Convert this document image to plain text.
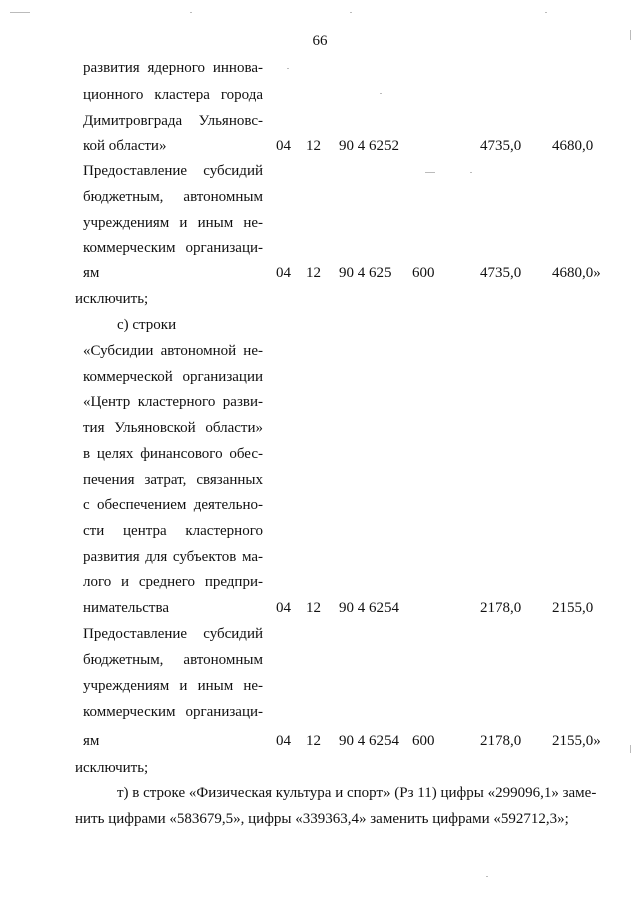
66
развития ядерного иннова-
ционного кластера города
Димитровграда Ульяновс-
кой области»	04 12 90 4 6252	4735,0 4680,0
Предоставление субсидий
бюджетным, автономным
учреждениям и иным не-
коммерческим организаци-
ям	04 12 90 4 625 600	4735,0 4680,0»
исключить;
с) строки
«Субсидии автономной не-
коммерческой организации
«Центр кластерного разви-
тия Ульяновской области»
в целях финансового обес-
печения затрат, связанных
с обеспечением деятельно-
сти центра кластерного
развития для субъектов ма-
лого и среднего предпри-
нимательства	04 12 90 4 6254	2178,0 2155,0
Предоставление субсидий
бюджетным, автономным
учреждениям и иным не-
коммерческим организаци-
ям	04 12 90 4 6254 600	2178,0 2155,0»
исключить;
т) в строке «Физическая культура и спорт» (Рз 11) цифры «299096,1» заме-
нить цифрами «583679,5», цифры «339363,4» заменить цифрами «592712,3»;
